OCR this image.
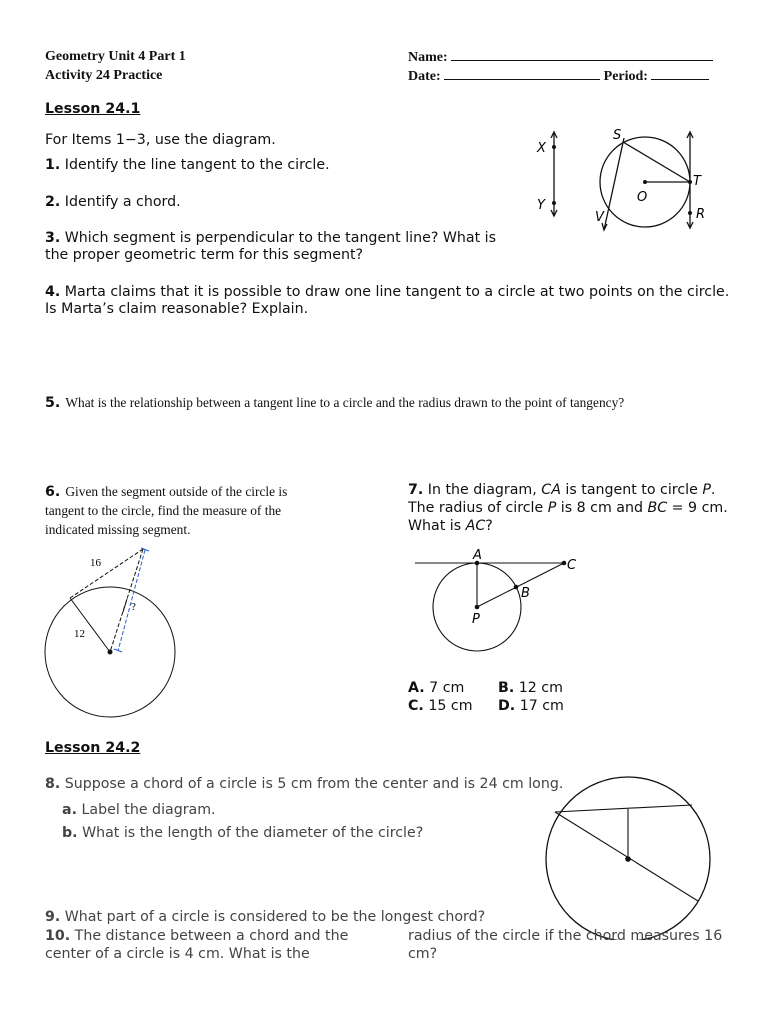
Geometry Unit 4 Part 1
Activity 24 Practice
Name:
Date:	Period:
Lesson 24.1
For Items 1−3, use the diagram.
1. Identify the line tangent to the circle.
2. Identify a chord.
3. Which segment is perpendicular to the tangent line? What is the proper geometric term for this segment?
X
Y
S
O
T
V	R
4. Marta claims that it is possible to draw one line tangent to a circle at two points on the circle. Is Marta’s claim reasonable? Explain.
5. What is the relationship between a tangent line to a circle and the radius drawn to the point of tangency?
6. Given the segment outside of the circle is tangent to the circle, find the measure of the indicated missing segment.
16
12
?
7. In the diagram, CA is tangent to circle P. The radius of circle P is 8 cm and BC = 9 cm. What is AC?
A
C
B
P
A. 7 cm B. 12 cm
C. 15 cm D. 17 cm
Lesson 24.2
8. Suppose a chord of a circle is 5 cm from the center and is 24 cm long.
a. Label the diagram.
b. What is the length of the diameter of the circle?
9. What part of a circle is considered to be the longest chord?
10. The distance between a chord and the center of a circle is 4 cm. What is the
radius of the circle if the chord measures 16 cm?
